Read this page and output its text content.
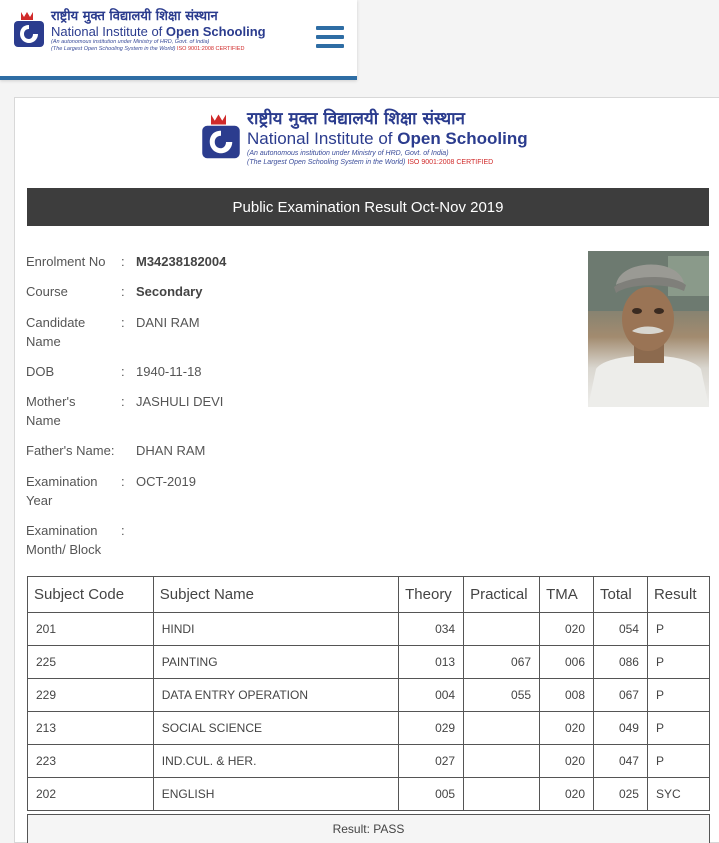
राष्ट्रीय मुक्त विद्यालयी शिक्षा संस्थान
National Institute of Open Schooling
(An autonomous institution under Ministry of HRD, Govt. of India)
(The Largest Open Schooling System in the World) ISO 9001:2008 CERTIFIED
राष्ट्रीय मुक्त विद्यालयी शिक्षा संस्थान
National Institute of Open Schooling
(An autonomous institution under Ministry of HRD, Govt. of India)
(The Largest Open Schooling System in the World) ISO 9001:2008 CERTIFIED
Public Examination Result Oct-Nov 2019
Enrolment No	: M34238182004
Course	: Secondary
Candidate
Name
: DANI RAM
DOB	: 1940-11-18
Mother's
Name
: JASHULI DEVI
Father's Name:	DHAN RAM
Examination
Year
: OCT-2019
Examination
Month/ Block
:
Subject Code	Subject Name	Theory	Practical	TMA	Total	Result
201	HINDI	034		020	054	P
225	PAINTING	013	067	006	086	P
229	DATA ENTRY OPERATION	004	055	008	067	P
213	SOCIAL SCIENCE	029		020	049	P
223	IND.CUL. & HER.	027		020	047	P
202	ENGLISH	005		020	025	SYC
Result: PASS
